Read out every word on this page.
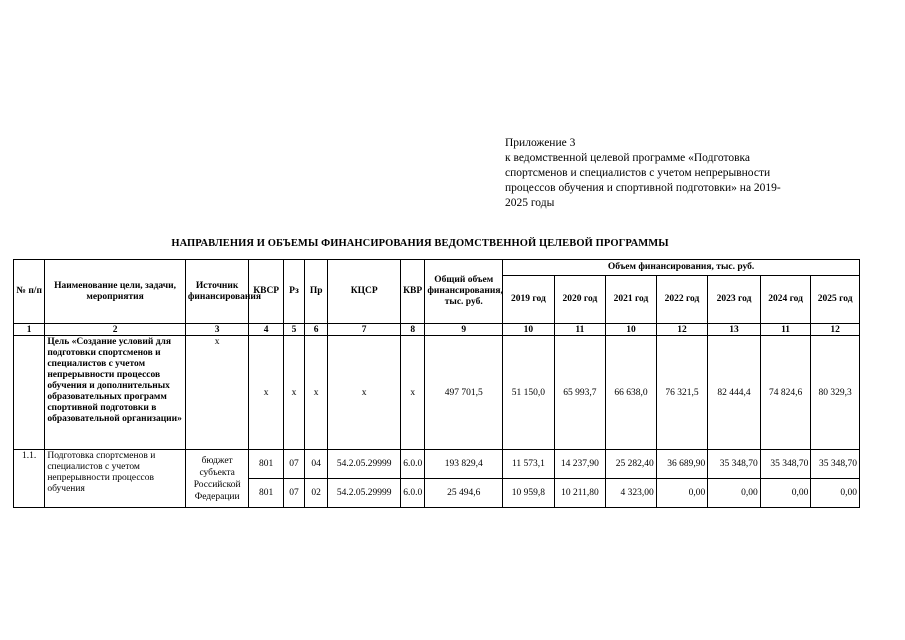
Приложение 3
к ведомственной целевой программе «Подготовка
спортсменов и специалистов с учетом непрерывности
процессов обучения и спортивной подготовки» на 2019-
2025 годы
НАПРАВЛЕНИЯ И ОБЪЕМЫ ФИНАНСИРОВАНИЯ ВЕДОМСТВЕННОЙ ЦЕЛЕВОЙ ПРОГРАММЫ
№ п/п	Наименование цели, задачи, мероприятия	Источник финансирования	КВСР	Рз	Пр	КЦСР	КВР	Общий объем финансирования, тыс. руб.	Объем финансирования, тыс. руб.						
									2019 год	2020 год	2021 год	2022 год	2023 год	2024 год	2025 год
1	2	3	4	5	6	7	8	9	10	11	10	12	13	11	12
	Цель «Создание условий для подготовки спортсменов и специалистов с учетом непрерывности процессов обучения и дополнительных образовательных программ спортивной подготовки в образовательной организации»	х	х	х	х	х	х	497 701,5	51 150,0	65 993,7	66 638,0	76 321,5	82 444,4	74 824,6	80 329,3
1.1.	Подготовка спортсменов и специалистов с учетом непрерывности процессов обучения	бюджет субъекта Российской Федерации	801	07	04	54.2.05.29999	6.0.0	193 829,4	11 573,1	14 237,90	25 282,40	36 689,90	35 348,70	35 348,70	35 348,70
			801	07	02	54.2.05.29999	6.0.0	25 494,6	10 959,8	10 211,80	4 323,00	0,00	0,00	0,00	0,00
